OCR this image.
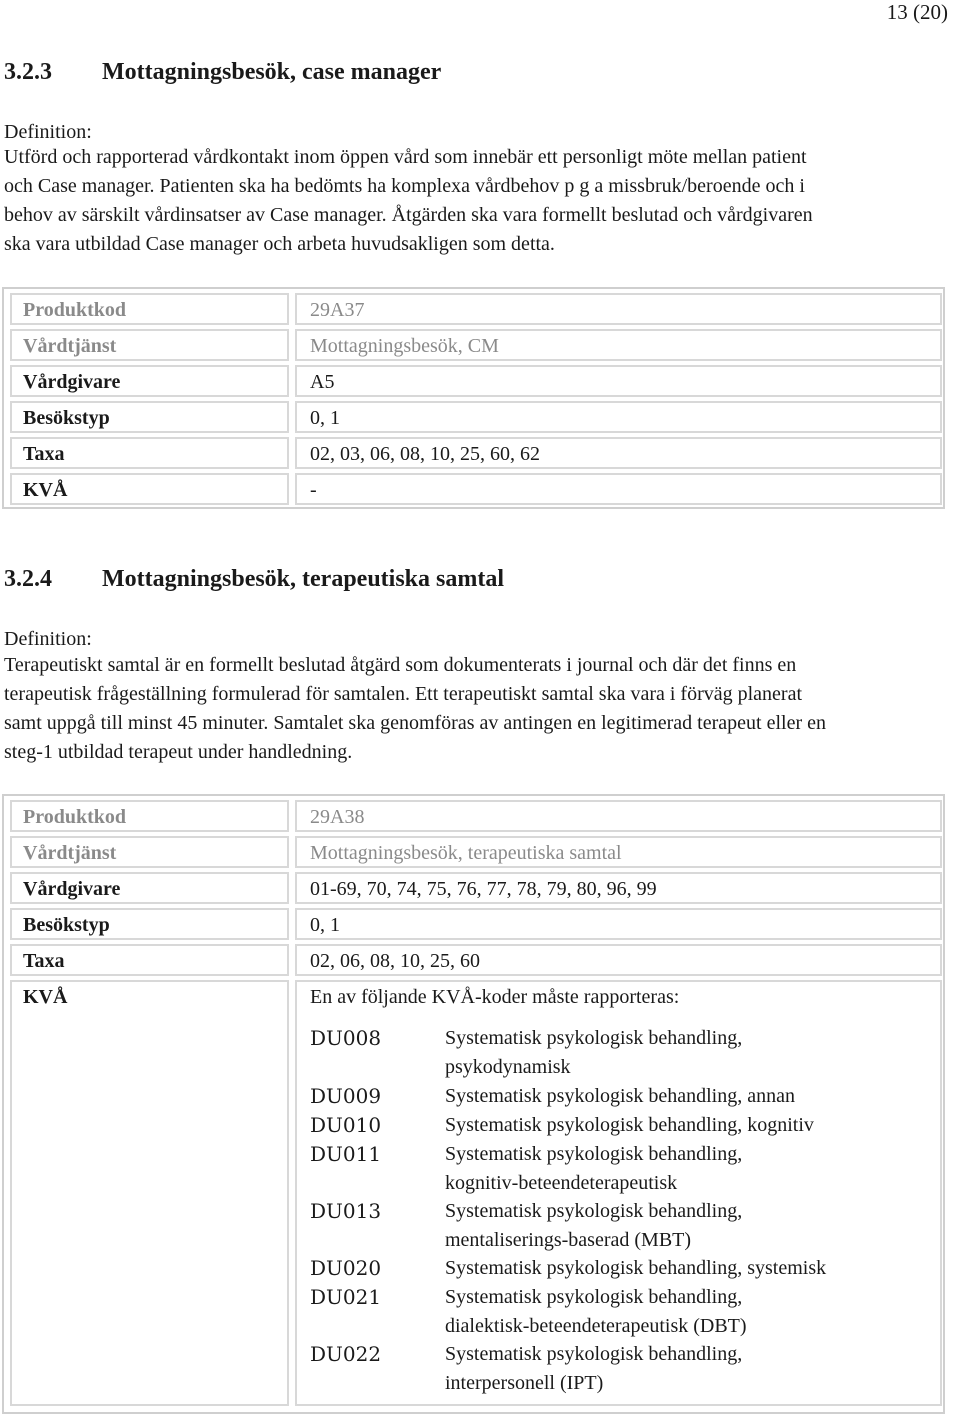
13 (20)
3.2.3 Mottagningsbesök, case manager
Definition:

Utförd och rapporterad vårdkontakt inom öppen vård som innebär ett personligt möte mellan patient

och Case manager. Patienten ska ha bedömts ha komplexa vårdbehov p g a missbruk/beroende och i

behov av särskilt vårdinsatser av Case manager. Åtgärden ska vara formellt beslutad och vårdgivaren

ska vara utbildad Case manager och arbeta huvudsakligen som detta.

Produktkod	29A37
Vårdtjänst	Mottagningsbesök, CM
Vårdgivare	A5
Besökstyp	0, 1
Taxa	02, 03, 06, 08, 10, 25, 60, 62
KVÅ	-
3.2.4 Mottagningsbesök, terapeutiska samtal
Definition:

Terapeutiskt samtal är en formellt beslutad åtgärd som dokumenterats i journal och där det finns en

terapeutisk frågeställning formulerad för samtalen. Ett terapeutiskt samtal ska vara i förväg planerat

samt uppgå till minst 45 minuter. Samtalet ska genomföras av antingen en legitimerad terapeut eller en

steg-1 utbildad terapeut under handledning.

Produktkod	29A38
Vårdtjänst	Mottagningsbesök, terapeutiska samtal
Vårdgivare	01-69, 70, 74, 75, 76, 77, 78, 79, 80, 96, 99
Besökstyp	0, 1
Taxa	02, 06, 08, 10, 25, 60
KVÅ	En av följande KVÅ-koder måste rapporteras:
DU008	Systematisk psykologisk behandling,
psykodynamisk
DU009	Systematisk psykologisk behandling, annan
DU010	Systematisk psykologisk behandling, kognitiv
DU011	Systematisk psykologisk behandling,
kognitiv-beteendeterapeutisk
DU013	Systematisk psykologisk behandling,
mentaliserings-baserad (MBT)
DU020	Systematisk psykologisk behandling, systemisk
DU021	Systematisk psykologisk behandling,
dialektisk-beteendeterapeutisk (DBT)
DU022	Systematisk psykologisk behandling,
interpersonell (IPT)
